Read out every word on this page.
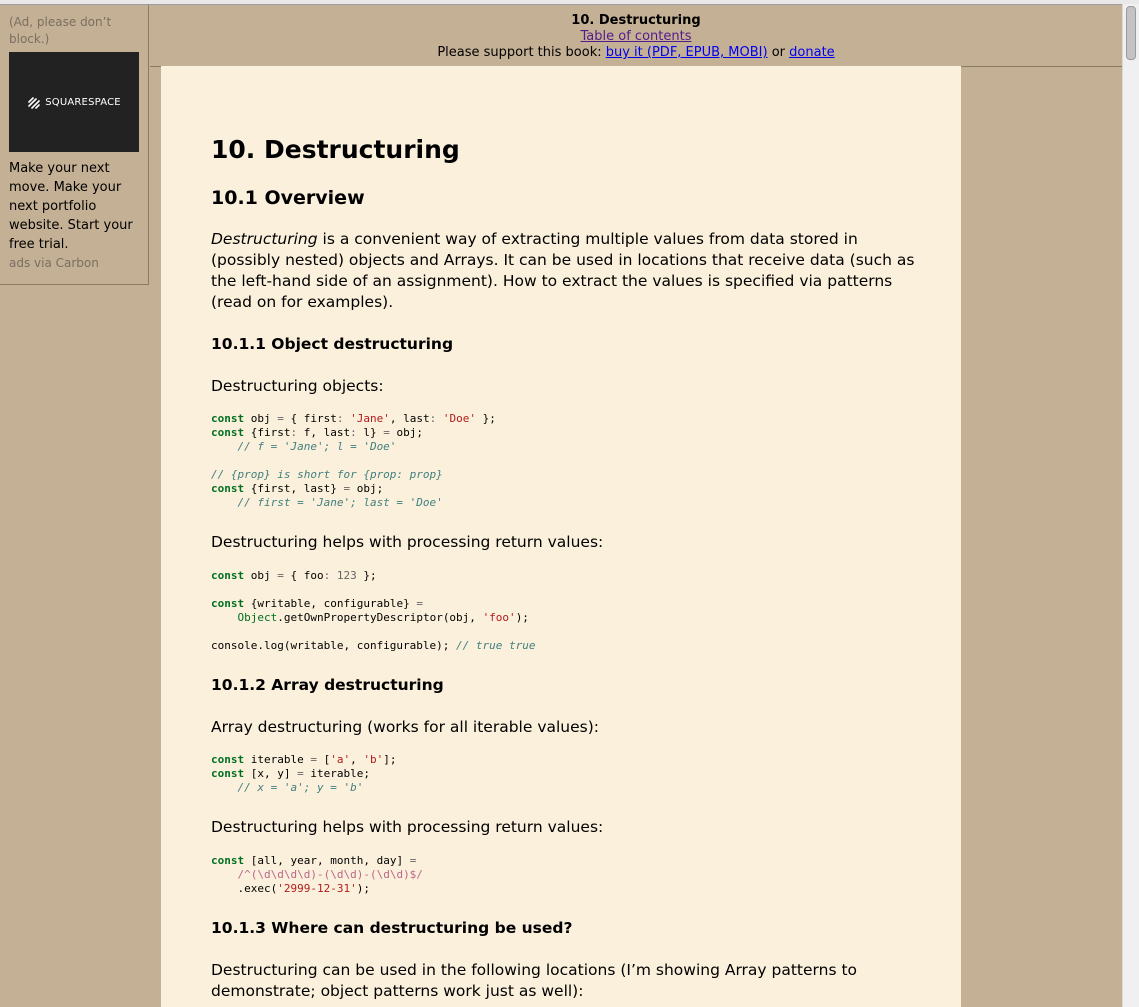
(Ad, please don’t block.)
SQUARESPACE
Make your next move. Make your next portfolio website. Start your free trial.
ads via Carbon
10. Destructuring
Table of contents
Please support this book: buy it (PDF, EPUB, MOBI) or donate
10. Destructuring
10.1 Overview

Destructuring is a convenient way of extracting multiple values from data stored in (possibly nested) objects and Arrays. It can be used in locations that receive data (such as the left-hand side of an assignment). How to extract the values is specified via patterns (read on for examples).

10.1.1 Object destructuring

Destructuring objects:

const obj = { first: 'Jane', last: 'Doe' };
const {first: f, last: l} = obj;
// f = 'Jane'; l = 'Doe'

// {prop} is short for {prop: prop}
const {first, last} = obj;
// first = 'Jane'; last = 'Doe'

Destructuring helps with processing return values:

const obj = { foo: 123 };

const {writable, configurable} =
Object.getOwnPropertyDescriptor(obj, 'foo');

console.log(writable, configurable); // true true
10.1.2 Array destructuring

Array destructuring (works for all iterable values):

const iterable = ['a', 'b'];
const [x, y] = iterable;
// x = 'a'; y = 'b'

Destructuring helps with processing return values:

const [all, year, month, day] =
/^(\d\d\d\d)-(\d\d)-(\d\d)$/
.exec('2999-12-31');
10.1.3 Where can destructuring be used?

Destructuring can be used in the following locations (I’m showing Array patterns to demonstrate; object patterns work just as well):
